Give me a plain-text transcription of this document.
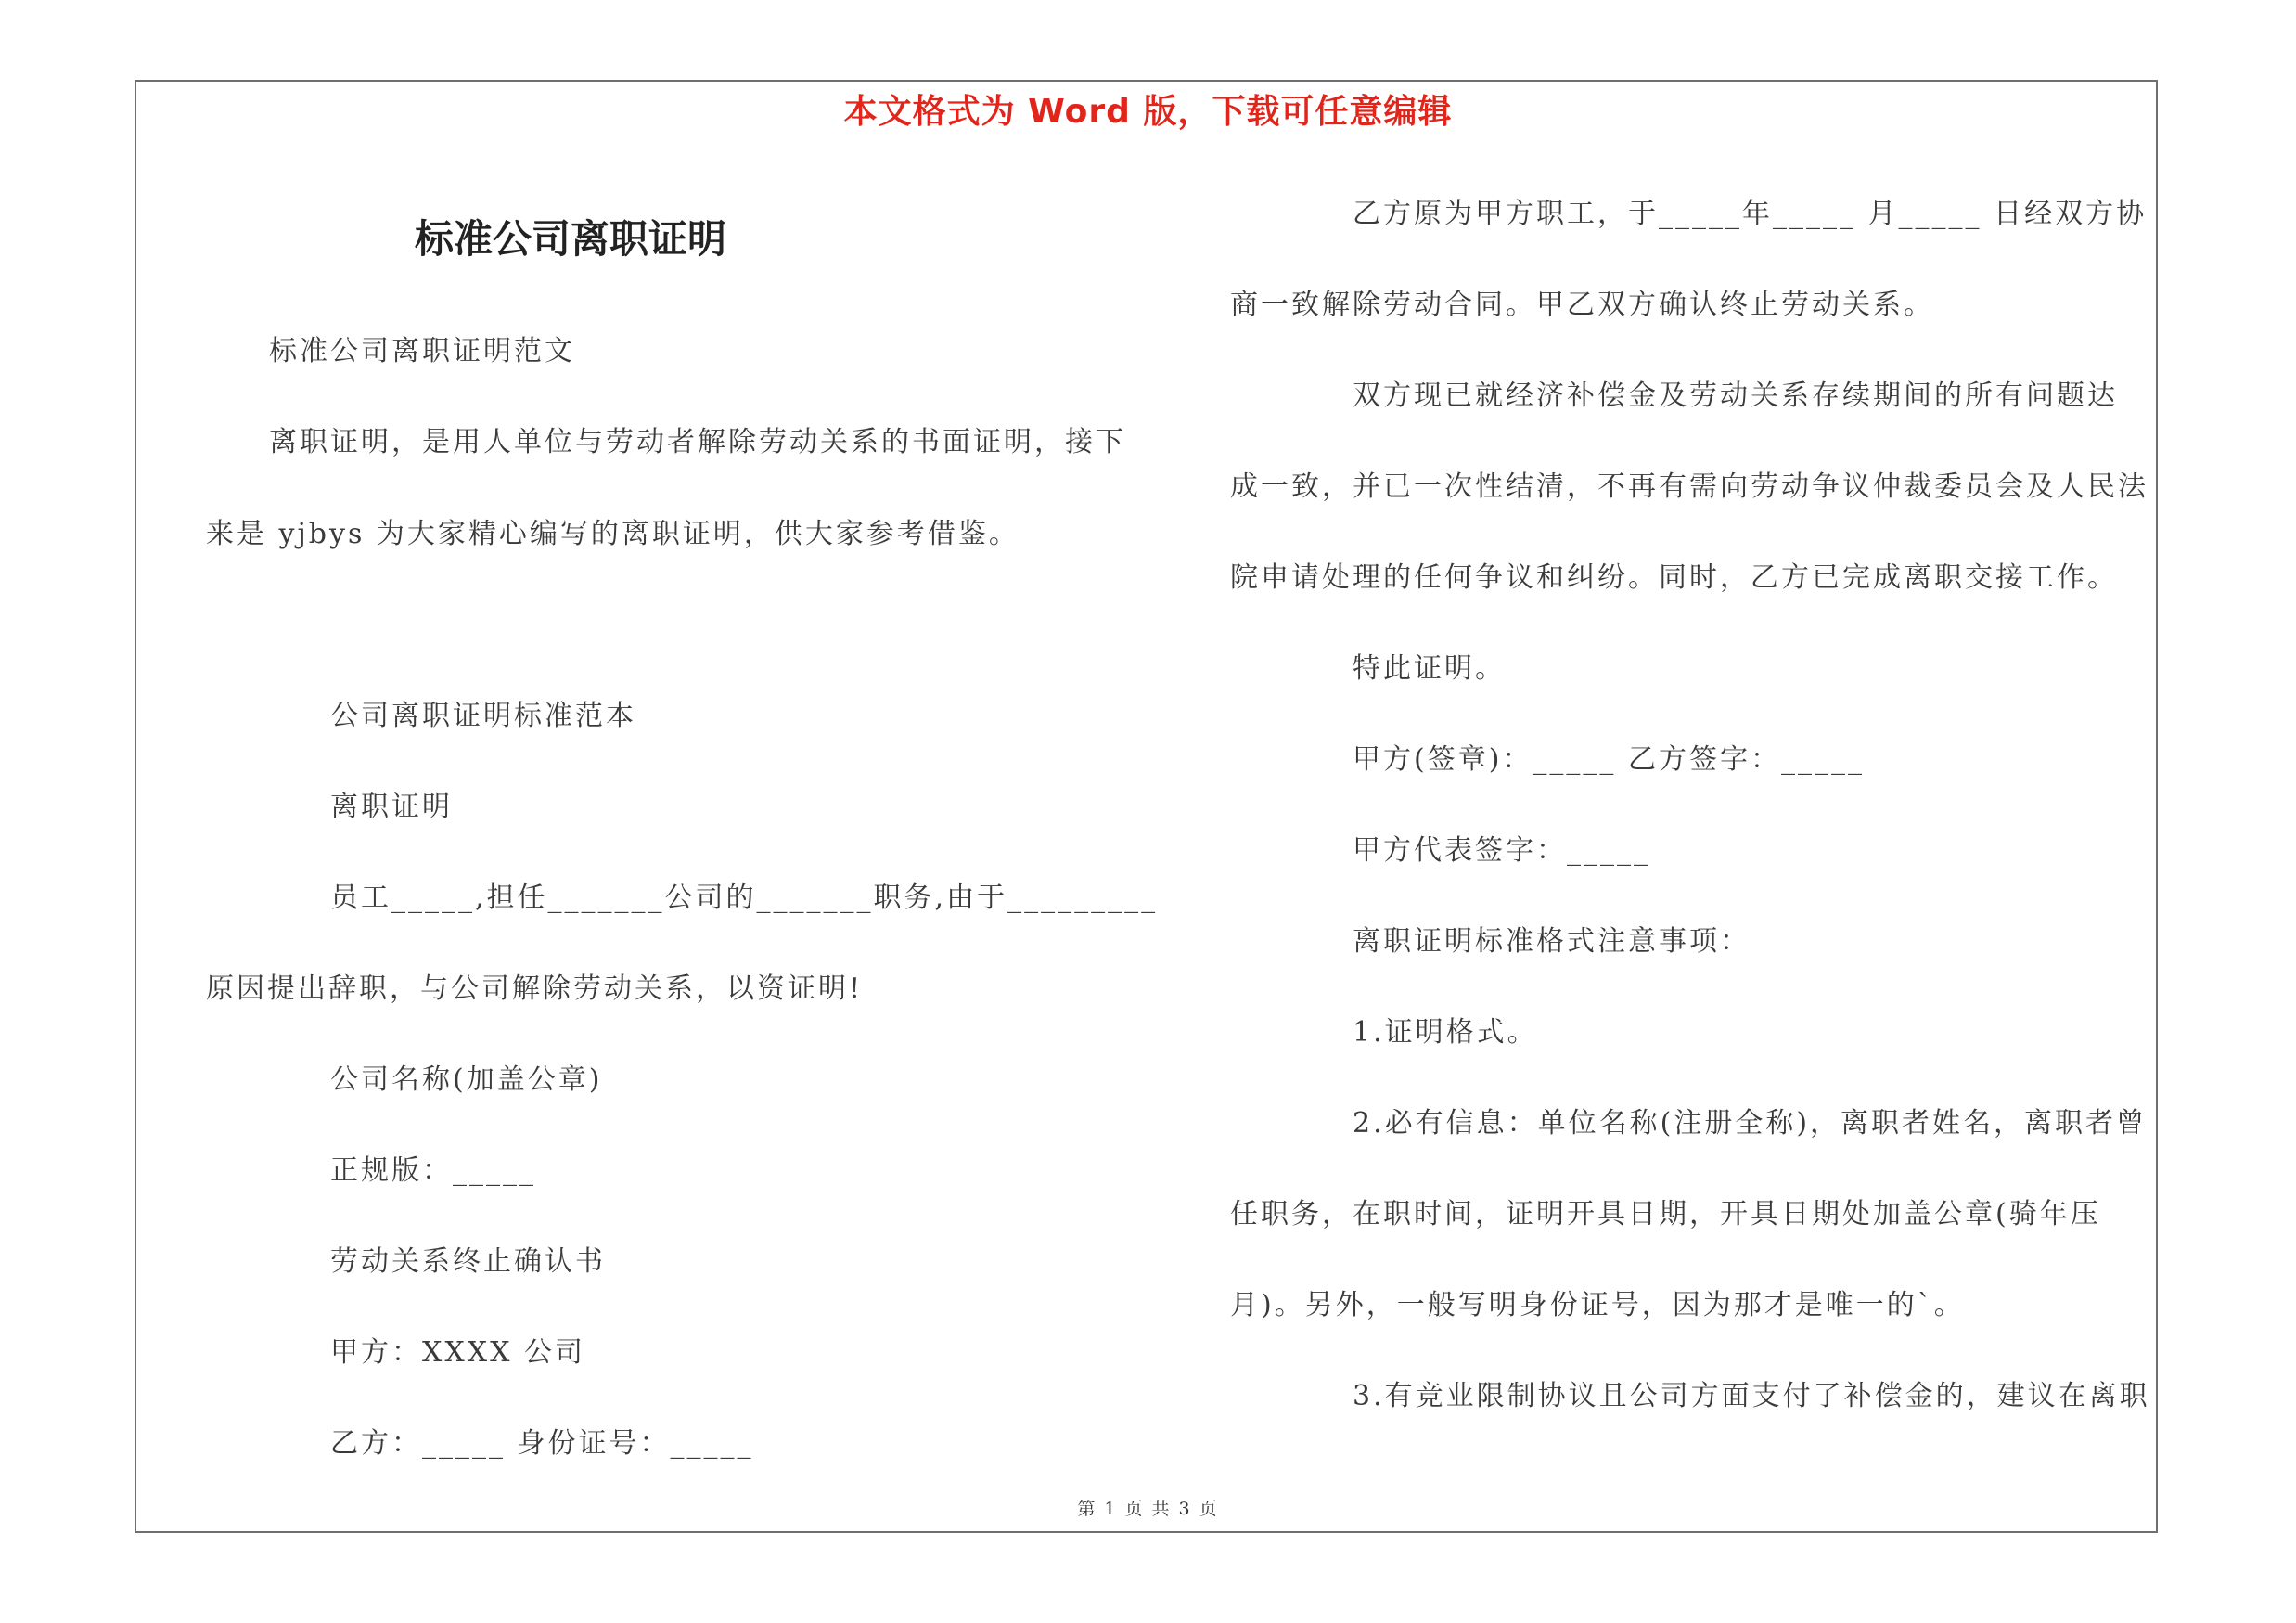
本文格式为 Word 版，下载可任意编辑
标准公司离职证明
标准公司离职证明范文
离职证明，是用人单位与劳动者解除劳动关系的书面证明，接下
来是 yjbys 为大家精心编写的离职证明，供大家参考借鉴。
公司离职证明标准范本
离职证明
员工_____,担任_______公司的_______职务,由于_________
原因提出辞职，与公司解除劳动关系，以资证明!
公司名称(加盖公章)
正规版：_____
劳动关系终止确认书
甲方：XXXX 公司
乙方：_____ 身份证号：_____
乙方原为甲方职工，于_____年_____ 月_____ 日经双方协
商一致解除劳动合同。甲乙双方确认终止劳动关系。
双方现已就经济补偿金及劳动关系存续期间的所有问题达
成一致，并已一次性结清，不再有需向劳动争议仲裁委员会及人民法
院申请处理的任何争议和纠纷。同时，乙方已完成离职交接工作。
特此证明。
甲方(签章)：_____ 乙方签字：_____
甲方代表签字：_____
离职证明标准格式注意事项：
1.证明格式。
2.必有信息：单位名称(注册全称)，离职者姓名，离职者曾
任职务，在职时间，证明开具日期，开具日期处加盖公章(骑年压
月)。另外，一般写明身份证号，因为那才是唯一的`。
3.有竞业限制协议且公司方面支付了补偿金的，建议在离职
第 1 页 共 3 页
